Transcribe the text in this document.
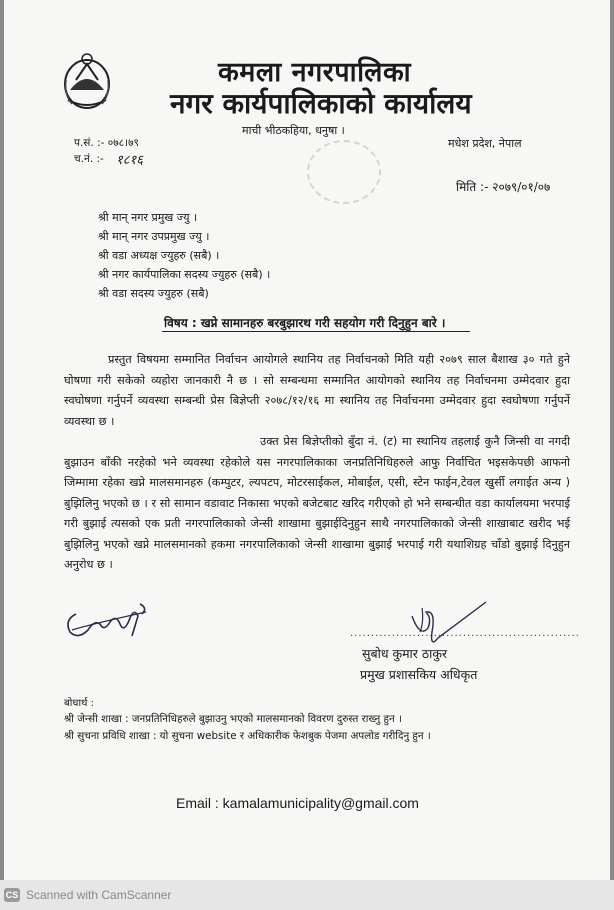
कमला नगरपालिका
नगर कार्यपालिकाको कार्यालय
माची भीठकहिया, धनुषा ।
मधेश प्रदेश, नेपाल
प.सं. :- ०७८।७९
च.नं. :- १८१६
मिति :- २०७९/०१/०७
श्री मान् नगर प्रमुख ज्यु ।
श्री मान् नगर उपप्रमुख ज्यु ।
श्री वडा अध्यक्ष ज्युहरु (सबै) ।
श्री नगर कार्यपालिका सदस्य ज्युहरु (सबै) ।
श्री वडा सदस्य ज्युहरु (सबै)
विषय : खप्ने सामानहरु बरबुझारथ गरी सहयोग गरी दिनुहुन बारे ।
प्रस्तुत विषयमा सम्मानित निर्वाचन आयोगले स्थानिय तह निर्वाचनको मिति यही २०७९ साल बैशाख ३० गते हुने घोषणा गरी सकेको व्यहोरा जानकारी नै छ । सो सम्बन्धमा सम्मानित आयोगको स्थानिय तह निर्वाचनमा उम्मेदवार हुदा स्वघोषणा गर्नुपर्ने व्यवस्था सम्बन्धी प्रेस बिज्ञेप्ती २०७८/१२/१६ मा स्थानिय तह निर्वाचनमा उम्मेदवार हुदा स्वघोषणा गर्नुपर्ने व्यवस्था छ ।
उक्त प्रेस बिज्ञेप्तीको बुँदा नं. (ट) मा स्थानिय तहलाई कुनै जिन्सी वा नगदी बुझाउन बाँकी नरहेको भने व्यवस्था रहेकोले यस नगरपालिकाका जनप्रतिनिधिहरुले आफु निर्वाचित भइसकेपछी आफनो जिम्मामा रहेका खप्ने मालसमानहरु (कम्पुटर, ल्यपटप, मोटरसाईकल, मोबाईल, एसी, स्टेन फाईन,टेवल खुर्सी लगाईत अन्य ) बुझिलिनु भएको छ । र सो सामान वडावाट निकासा भएको बजेटबाट खरिद गरीएको हो भने सम्बन्धीत वडा कार्यालयमा भरपाई गरी बुझाई त्यसको एक प्रती नगरपालिकाको जेन्सी शाखामा बुझाईदिनुहुन साथै नगरपालिकाको जेन्सी शाखाबाट खरीद भई बुझिलिनु भएको खप्ने मालसमानको हकमा नगरपालिकाको जेन्सी शाखामा बुझाई भरपाई गरी यथाशिग्रह चाँडो बुझाई दिनुहुन अनुरोध छ ।
.......................................................
सुबोध कुमार ठाकुर
प्रमुख प्रशासकिय अधिकृत
बोधार्थ :
श्री जेन्सी शाखा : जनप्रतिनिधिहरुले बुझाउनु भएको मालसमानको विवरण दुरुस्त राख्नु हुन ।
श्री सुचना प्रविधि शाखा : यो सुचना website र अधिकारीक फेशबुक पेजमा अपलोड गरीदिनु हुन ।
Email : kamalamunicipality@gmail.com
CS Scanned with CamScanner
